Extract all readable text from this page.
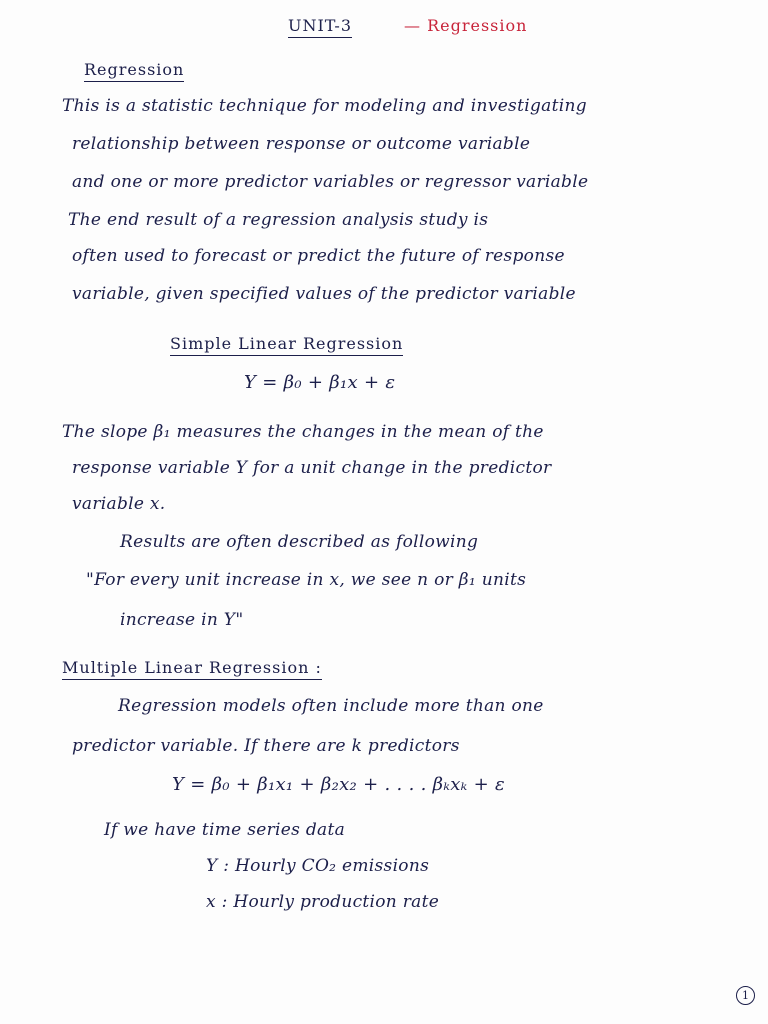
UNIT-3	— Regression
Regression
This is a statistic technique for modeling and investigating
relationship between response or outcome variable
and one or more predictor variables or regressor variable
The end result of a regression analysis study is
often used to forecast or predict the future of response
variable, given specified values of the predictor variable
Simple Linear Regression
Y = β₀ + β₁x + ε
The slope β₁ measures the changes in the mean of the
response variable Y for a unit change in the predictor
variable x.
Results are often described as following
"For every unit increase in x, we see n or β₁ units
increase in Y"
Multiple Linear Regression :
Regression models often include more than one
predictor variable. If there are k predictors
Y = β₀ + β₁x₁ + β₂x₂ + . . . . βₖxₖ + ε
If we have time series data
Y : Hourly CO₂ emissions
x : Hourly production rate
1
